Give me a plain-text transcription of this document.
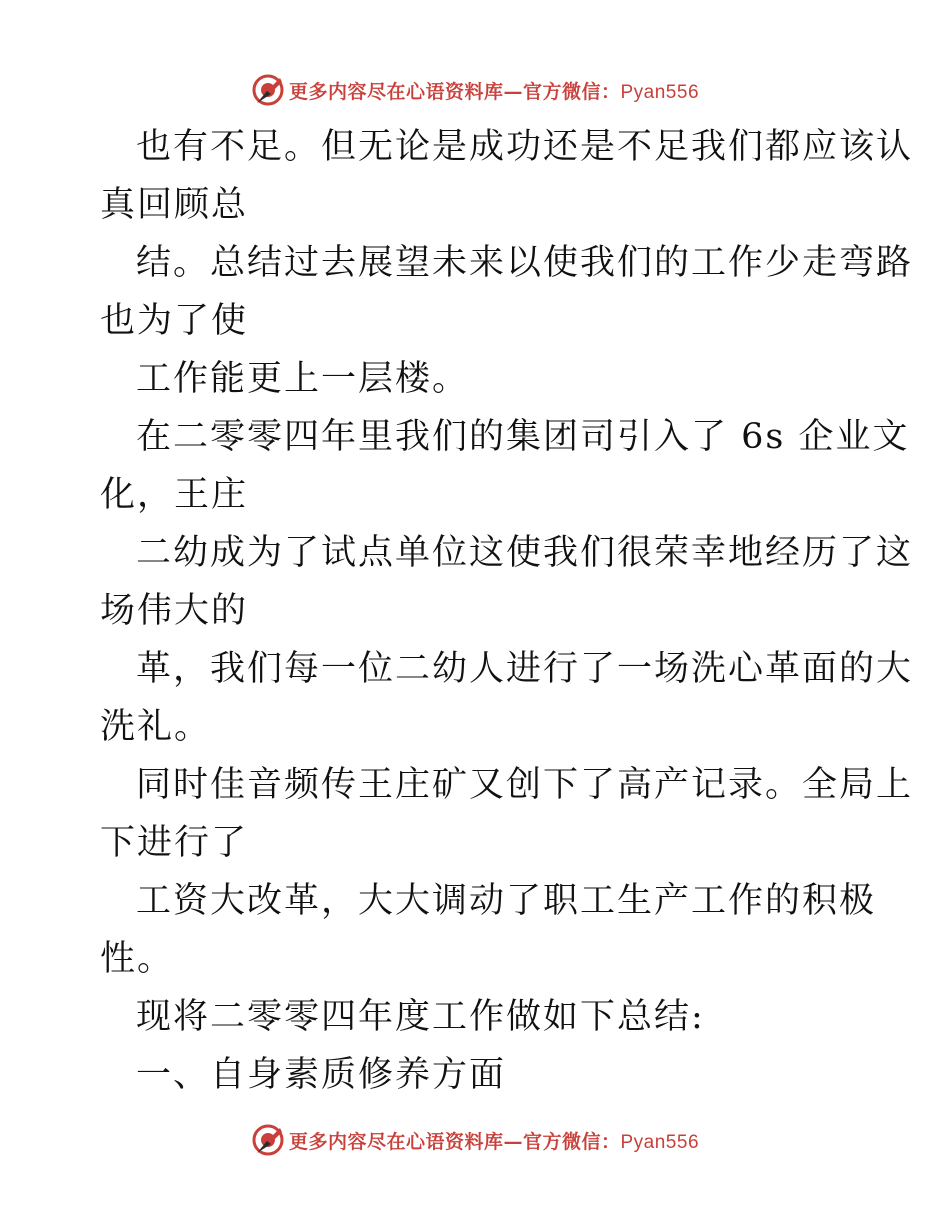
更多内容尽在心语资料库—官方微信：Pyan556
也有不足。但无论是成功还是不足我们都应该认
真回顾总
结。总结过去展望未来以使我们的工作少走弯路
也为了使
工作能更上一层楼。
在二零零四年里我们的集团司引入了 6s 企业文
化，王庄
二幼成为了试点单位这使我们很荣幸地经历了这
场伟大的
革，我们每一位二幼人进行了一场洗心革面的大
洗礼。
同时佳音频传王庄矿又创下了高产记录。全局上
下进行了
工资大改革，大大调动了职工生产工作的积极
性。
现将二零零四年度工作做如下总结:
一、自身素质修养方面
更多内容尽在心语资料库—官方微信：Pyan556
